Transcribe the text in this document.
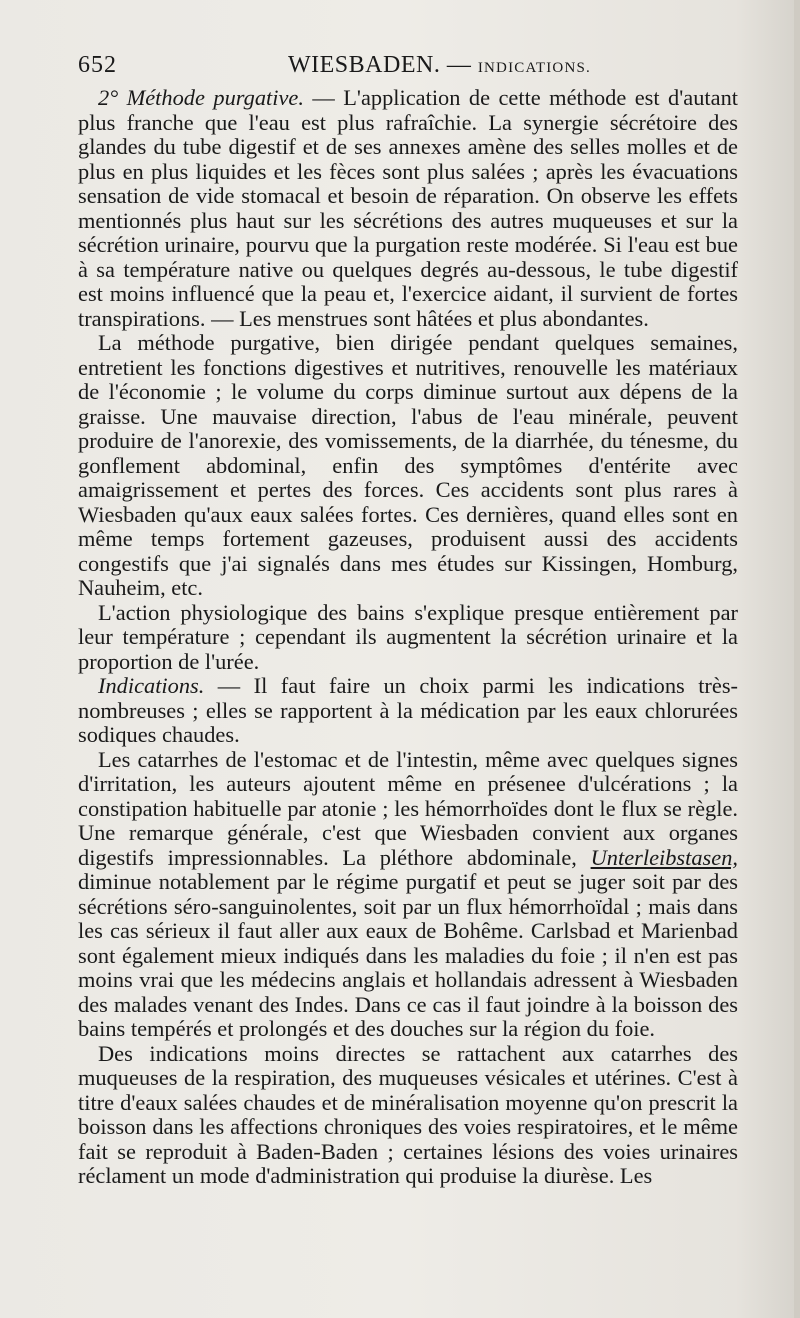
652	WIESBADEN. — INDICATIONS.

2° Méthode purgative. — L'application de cette méthode est d'autant plus franche que l'eau est plus rafraîchie. La synergie sécrétoire des glandes du tube digestif et de ses annexes amène des selles molles et de plus en plus liquides et les fèces sont plus salées ; après les évacuations sensation de vide stomacal et besoin de réparation. On observe les effets mentionnés plus haut sur les sécrétions des autres muqueuses et sur la sécrétion urinaire, pourvu que la purgation reste modérée. Si l'eau est bue à sa température native ou quelques degrés au-dessous, le tube digestif est moins influencé que la peau et, l'exercice aidant, il survient de fortes transpirations. — Les menstrues sont hâtées et plus abondantes.

La méthode purgative, bien dirigée pendant quelques semaines, entretient les fonctions digestives et nutritives, renouvelle les matériaux de l'économie ; le volume du corps diminue surtout aux dépens de la graisse. Une mauvaise direction, l'abus de l'eau minérale, peuvent produire de l'anorexie, des vomissements, de la diarrhée, du ténesme, du gonflement abdominal, enfin des symptômes d'entérite avec amaigrissement et pertes des forces. Ces accidents sont plus rares à Wiesbaden qu'aux eaux salées fortes. Ces dernières, quand elles sont en même temps fortement gazeuses, produisent aussi des accidents congestifs que j'ai signalés dans mes études sur Kissingen, Homburg, Nauheim, etc.

L'action physiologique des bains s'explique presque entièrement par leur température ; cependant ils augmentent la sécrétion urinaire et la proportion de l'urée.

Indications. — Il faut faire un choix parmi les indications très-nombreuses ; elles se rapportent à la médication par les eaux chlorurées sodiques chaudes.

Les catarrhes de l'estomac et de l'intestin, même avec quelques signes d'irritation, les auteurs ajoutent même en présenee d'ulcérations ; la constipation habituelle par atonie ; les hémorrhoïdes dont le flux se règle. Une remarque générale, c'est que Wiesbaden convient aux organes digestifs impressionnables. La pléthore abdominale, Unterleibstasen, diminue notablement par le régime purgatif et peut se juger soit par des sécrétions séro-sanguinolentes, soit par un flux hémorrhoïdal ; mais dans les cas sérieux il faut aller aux eaux de Bohême. Carlsbad et Marienbad sont également mieux indiqués dans les maladies du foie ; il n'en est pas moins vrai que les médecins anglais et hollandais adressent à Wiesbaden des malades venant des Indes. Dans ce cas il faut joindre à la boisson des bains tempérés et prolongés et des douches sur la région du foie.

Des indications moins directes se rattachent aux catarrhes des muqueuses de la respiration, des muqueuses vésicales et utérines. C'est à titre d'eaux salées chaudes et de minéralisation moyenne qu'on prescrit la boisson dans les affections chroniques des voies respiratoires, et le même fait se reproduit à Baden-Baden ; certaines lésions des voies urinaires réclament un mode d'administration qui produise la diurèse. Les
